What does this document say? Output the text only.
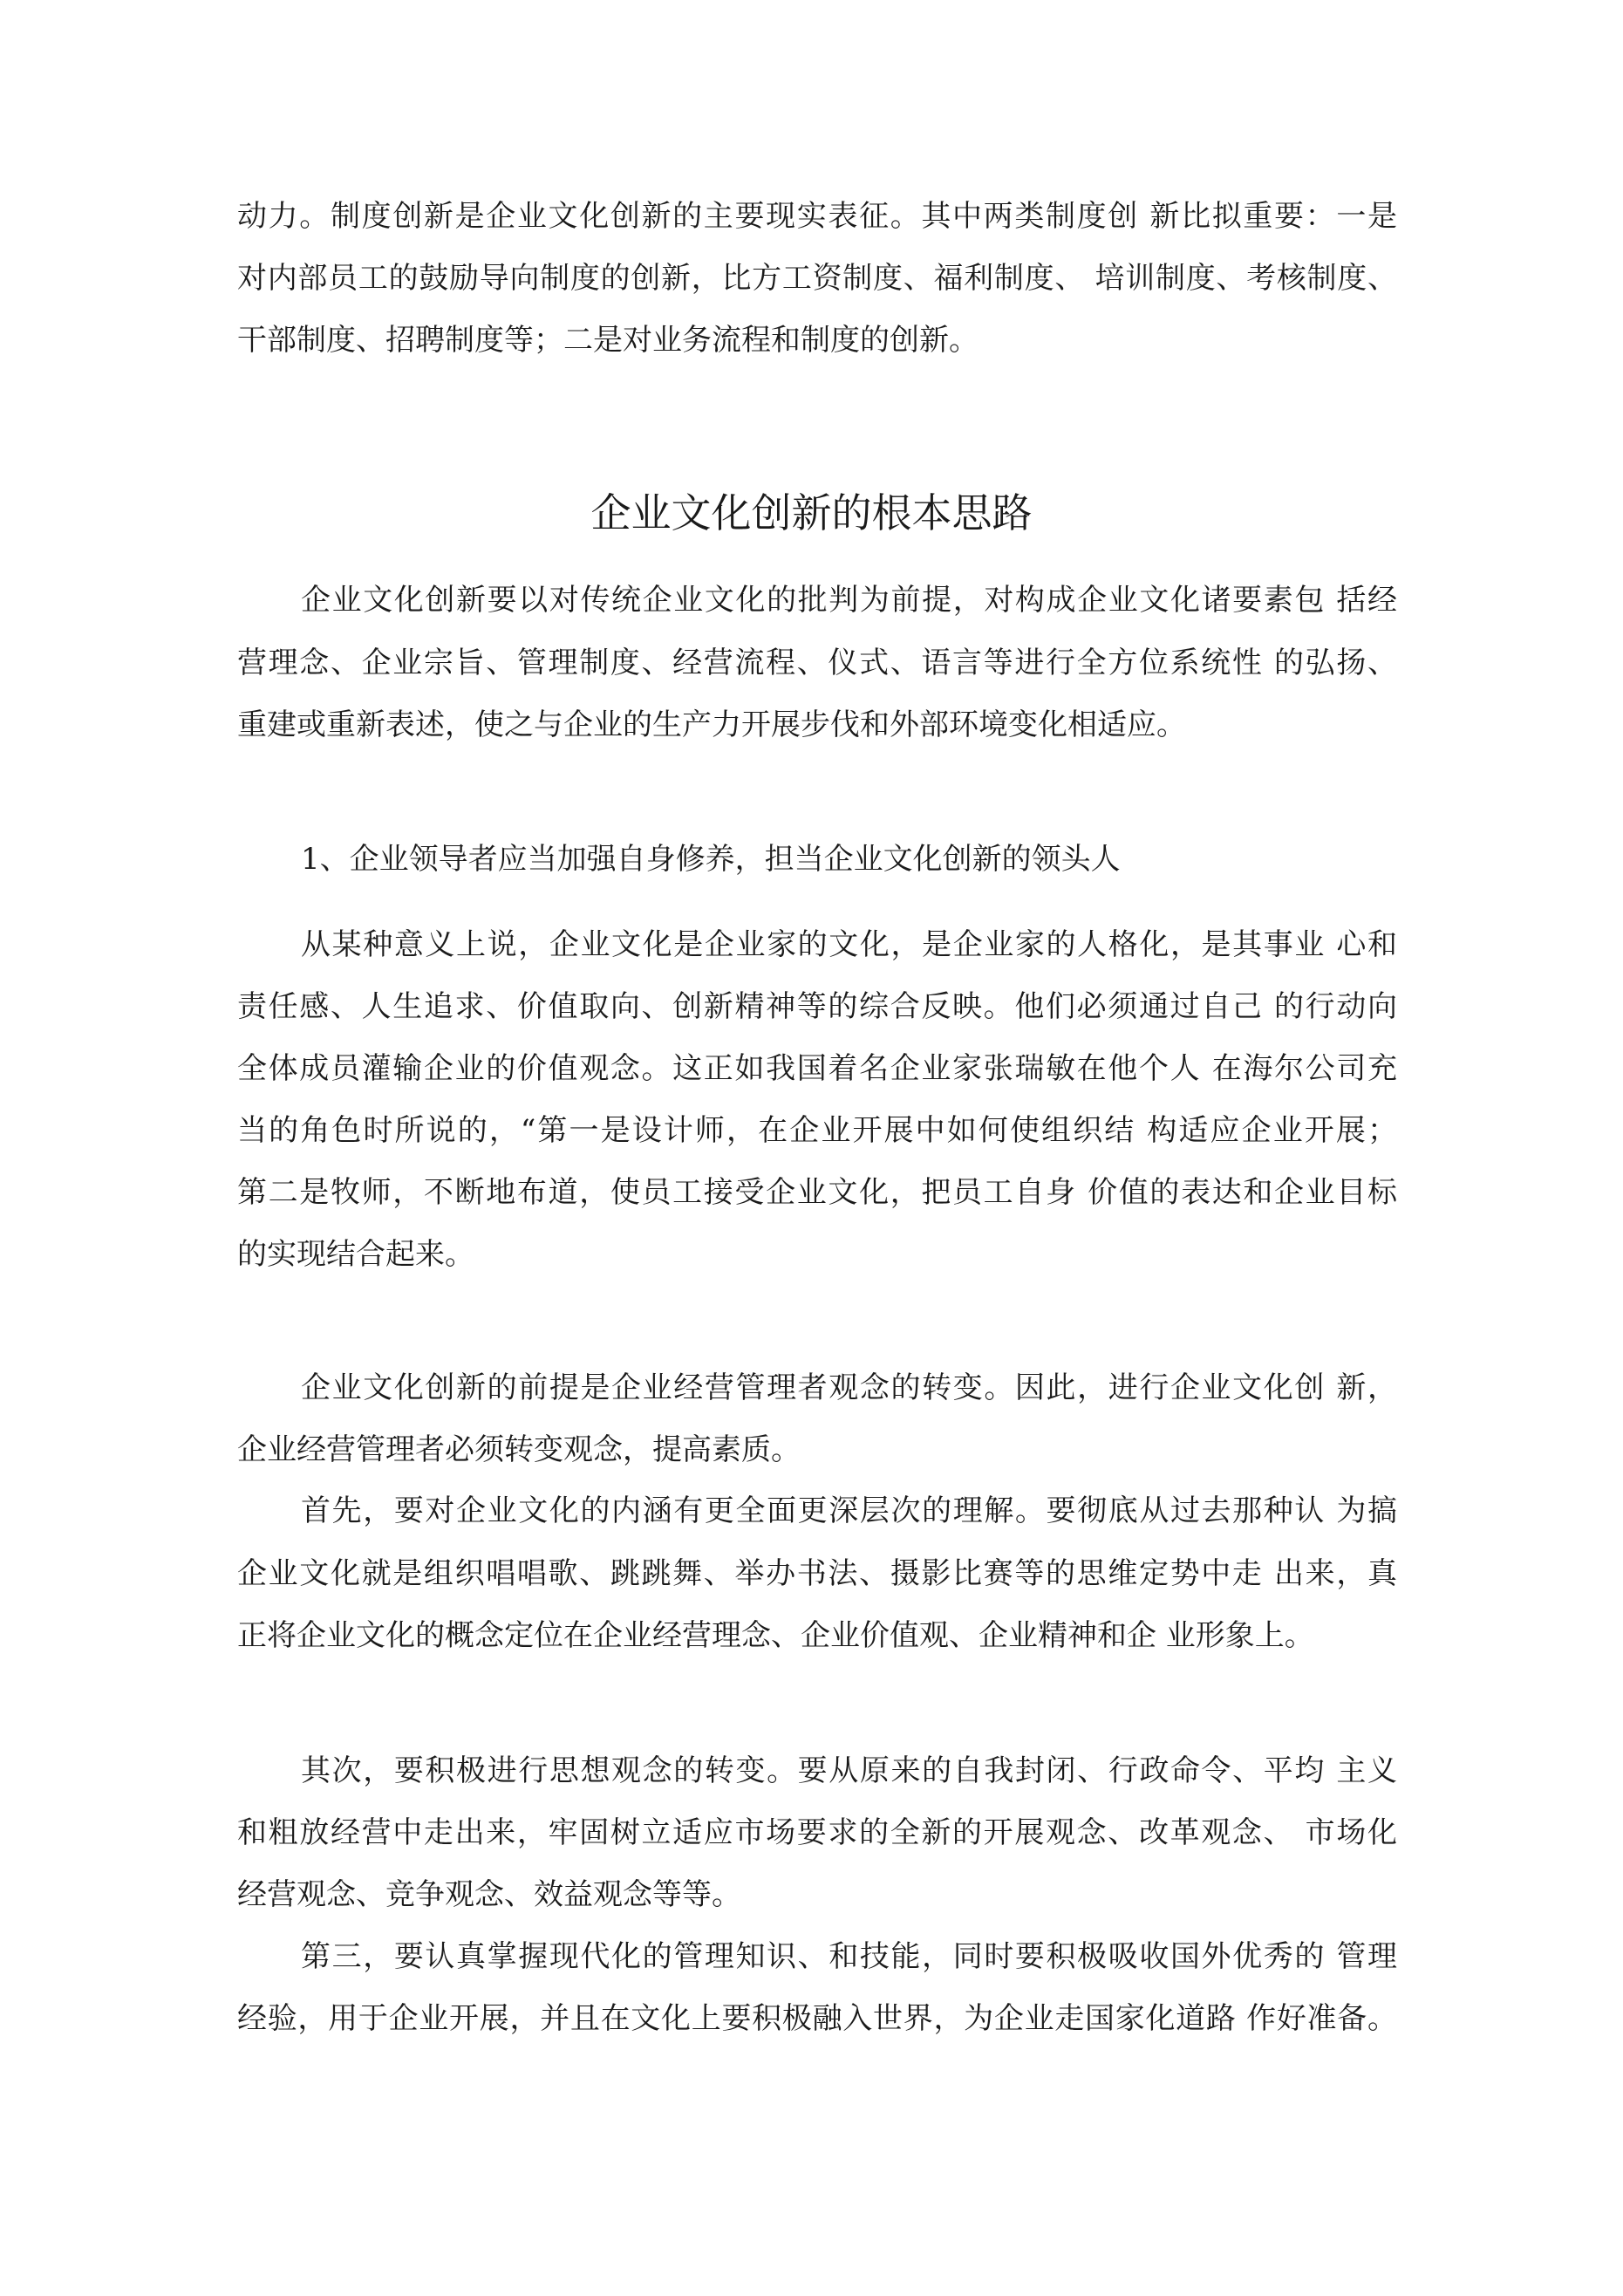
动力。制度创新是企业文化创新的主要现实表征。其中两类制度创 新比拟重要：一是
对内部员工的鼓励导向制度的创新，比方工资制度、福利制度、 培训制度、考核制度、
干部制度、招聘制度等；二是对业务流程和制度的创新。
企业文化创新的根本思路
企业文化创新要以对传统企业文化的批判为前提，对构成企业文化诸要素包 括经
营理念、企业宗旨、管理制度、经营流程、仪式、语言等进行全方位系统性 的弘扬、
重建或重新表述，使之与企业的生产力开展步伐和外部环境变化相适应。
1、企业领导者应当加强自身修养，担当企业文化创新的领头人
从某种意义上说，企业文化是企业家的文化，是企业家的人格化，是其事业 心和
责任感、人生追求、价值取向、创新精神等的综合反映。他们必须通过自己 的行动向
全体成员灌输企业的价值观念。这正如我国着名企业家张瑞敏在他个人 在海尔公司充
当的角色时所说的，“第一是设计师，在企业开展中如何使组织结 构适应企业开展；
第二是牧师，不断地布道，使员工接受企业文化，把员工自身 价值的表达和企业目标
的实现结合起来。
企业文化创新的前提是企业经营管理者观念的转变。因此，进行企业文化创 新，
企业经营管理者必须转变观念，提高素质。
首先，要对企业文化的内涵有更全面更深层次的理解。要彻底从过去那种认 为搞
企业文化就是组织唱唱歌、跳跳舞、举办书法、摄影比赛等的思维定势中走 出来，真
正将企业文化的概念定位在企业经营理念、企业价值观、企业精神和企 业形象上。
其次，要积极进行思想观念的转变。要从原来的自我封闭、行政命令、平均 主义
和粗放经营中走出来，牢固树立适应市场要求的全新的开展观念、改革观念、 市场化
经营观念、竞争观念、效益观念等等。
第三，要认真掌握现代化的管理知识、和技能，同时要积极吸收国外优秀的 管理
经验，用于企业开展，并且在文化上要积极融入世界，为企业走国家化道路 作好准备。
